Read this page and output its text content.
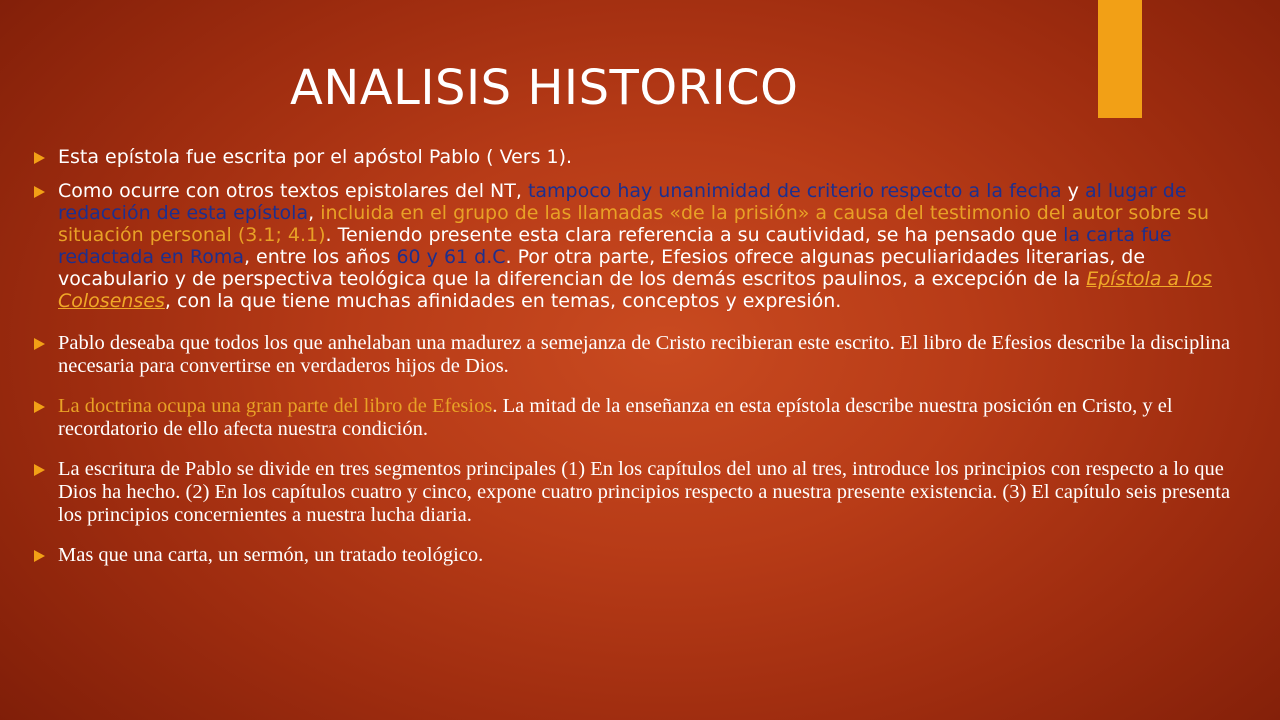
ANALISIS HISTORICO
Esta epístola fue escrita por el apóstol Pablo ( Vers 1).
Como ocurre con otros textos epistolares del NT, tampoco hay unanimidad de criterio respecto a la fecha y al lugar de redacción de esta epístola, incluida en el grupo de las llamadas «de la prisión» a causa del testimonio del autor sobre su situación personal (3.1; 4.1). Teniendo presente esta clara referencia a su cautividad, se ha pensado que la carta fue redactada en Roma, entre los años 60 y 61 d.C. Por otra parte, Efesios ofrece algunas peculiaridades literarias, de vocabulario y de perspectiva teológica que la diferencian de los demás escritos paulinos, a excepción de la Epístola a los Colosenses, con la que tiene muchas afinidades en temas, conceptos y expresión.
Pablo deseaba que todos los que anhelaban una madurez a semejanza de Cristo recibieran este escrito. El libro de Efesios describe la disciplina necesaria para convertirse en verdaderos hijos de Dios.
La doctrina ocupa una gran parte del libro de Efesios. La mitad de la enseñanza en esta epístola describe nuestra posición en Cristo, y el recordatorio de ello afecta nuestra condición.
La escritura de Pablo se divide en tres segmentos principales (1) En los capítulos del uno al tres, introduce los principios con respecto a lo que Dios ha hecho. (2) En los capítulos cuatro y cinco, expone cuatro principios respecto a nuestra presente existencia. (3) El capítulo seis presenta los principios concernientes a nuestra lucha diaria.
Mas que una carta, un sermón, un tratado teológico.
